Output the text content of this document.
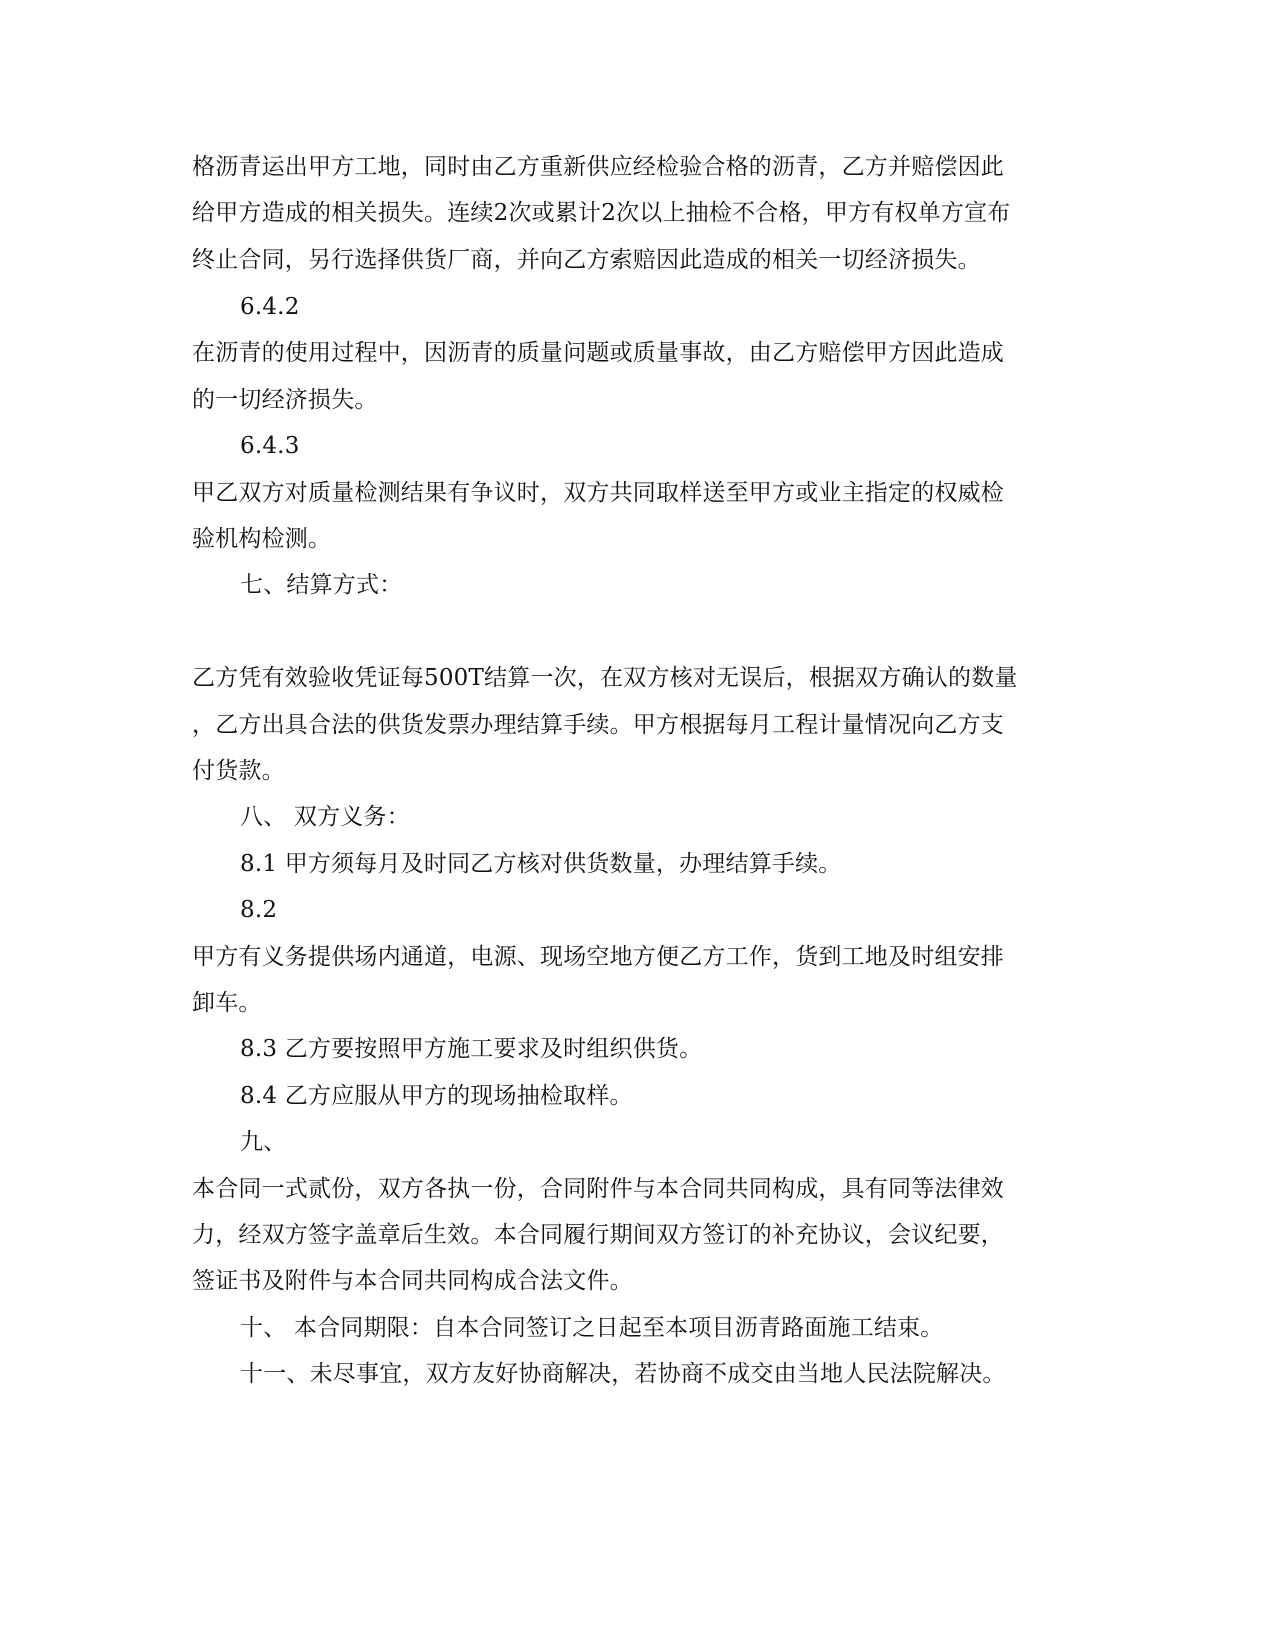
格沥青运出甲方工地，同时由乙方重新供应经检验合格的沥青，乙方并赔偿因此
给甲方造成的相关损失。连续2次或累计2次以上抽检不合格，甲方有权单方宣布
终止合同，另行选择供货厂商，并向乙方索赔因此造成的相关一切经济损失。
6.4.2
在沥青的使用过程中，因沥青的质量问题或质量事故，由乙方赔偿甲方因此造成
的一切经济损失。
6.4.3
甲乙双方对质量检测结果有争议时，双方共同取样送至甲方或业主指定的权威检
验机构检测。
七、结算方式：
乙方凭有效验收凭证每500T结算一次，在双方核对无误后，根据双方确认的数量
，乙方出具合法的供货发票办理结算手续。甲方根据每月工程计量情况向乙方支
付货款。
八、 双方义务：
8.1 甲方须每月及时同乙方核对供货数量，办理结算手续。
8.2
甲方有义务提供场内通道，电源、现场空地方便乙方工作，货到工地及时组安排
卸车。
8.3 乙方要按照甲方施工要求及时组织供货。
8.4 乙方应服从甲方的现场抽检取样。
九、
本合同一式贰份，双方各执一份，合同附件与本合同共同构成，具有同等法律效
力，经双方签字盖章后生效。本合同履行期间双方签订的补充协议，会议纪要，
签证书及附件与本合同共同构成合法文件。
十、 本合同期限：自本合同签订之日起至本项目沥青路面施工结束。
十一、未尽事宜，双方友好协商解决，若协商不成交由当地人民法院解决。
